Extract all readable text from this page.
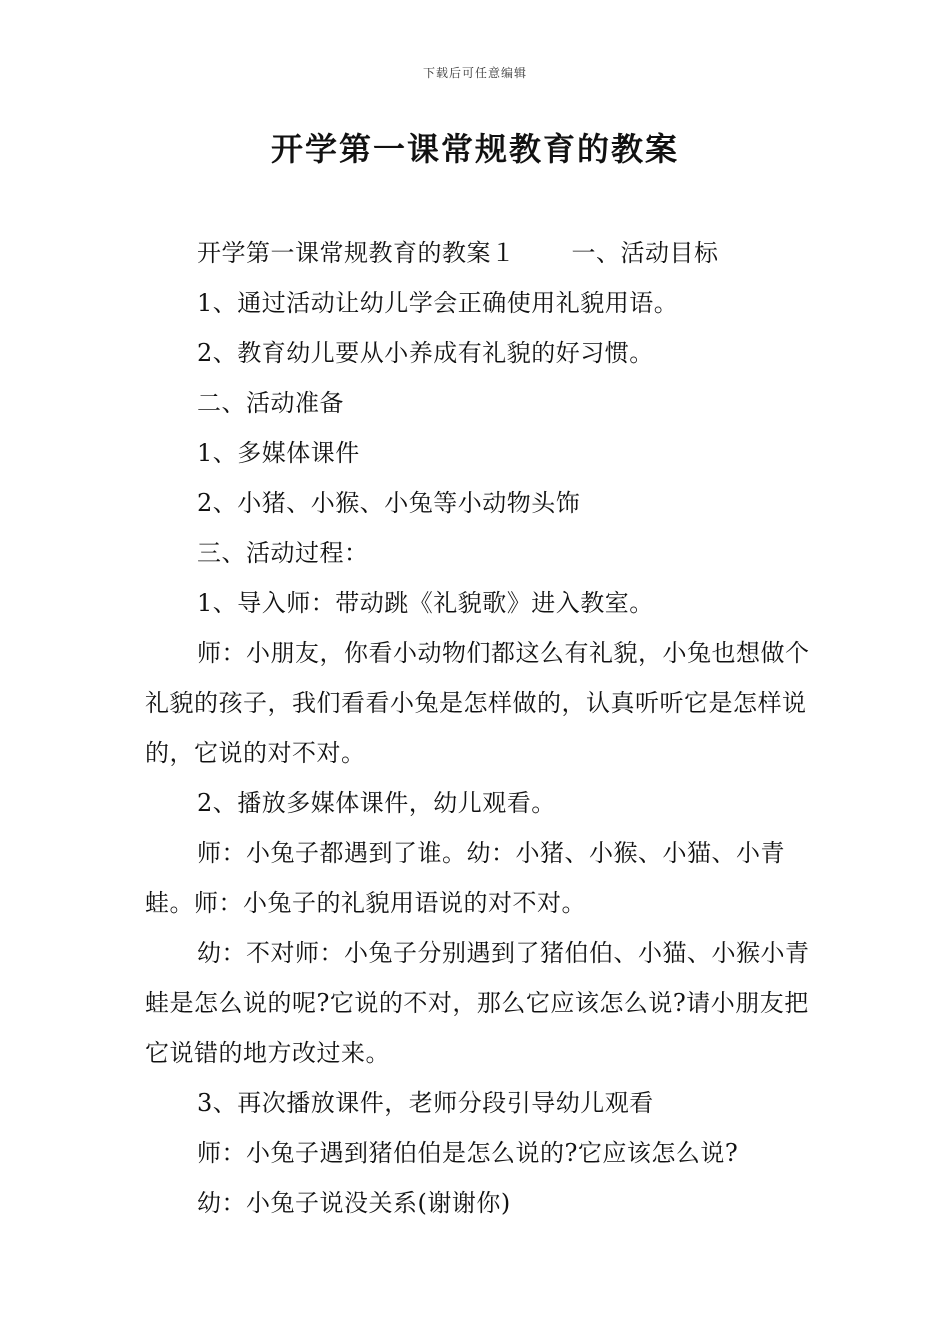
下载后可任意编辑
开学第一课常规教育的教案

开学第一课常规教育的教案１ 一、活动目标

1、通过活动让幼儿学会正确使用礼貌用语。

2、教育幼儿要从小养成有礼貌的好习惯。

二、活动准备

1、多媒体课件

2、小猪、小猴、小兔等小动物头饰

三、活动过程：

1、导入师：带动跳《礼貌歌》进入教室。

师：小朋友，你看小动物们都这么有礼貌，小兔也想做个礼貌的孩子，我们看看小兔是怎样做的，认真听听它是怎样说的，它说的对不对。

2、播放多媒体课件，幼儿观看。

师：小兔子都遇到了谁。幼：小猪、小猴、小猫、小青蛙。师：小兔子的礼貌用语说的对不对。

幼：不对师：小兔子分别遇到了猪伯伯、小猫、小猴小青蛙是怎么说的呢?它说的不对，那么它应该怎么说?请小朋友把它说错的地方改过来。

3、再次播放课件，老师分段引导幼儿观看

师：小兔子遇到猪伯伯是怎么说的?它应该怎么说?

幼：小兔子说没关系(谢谢你)
